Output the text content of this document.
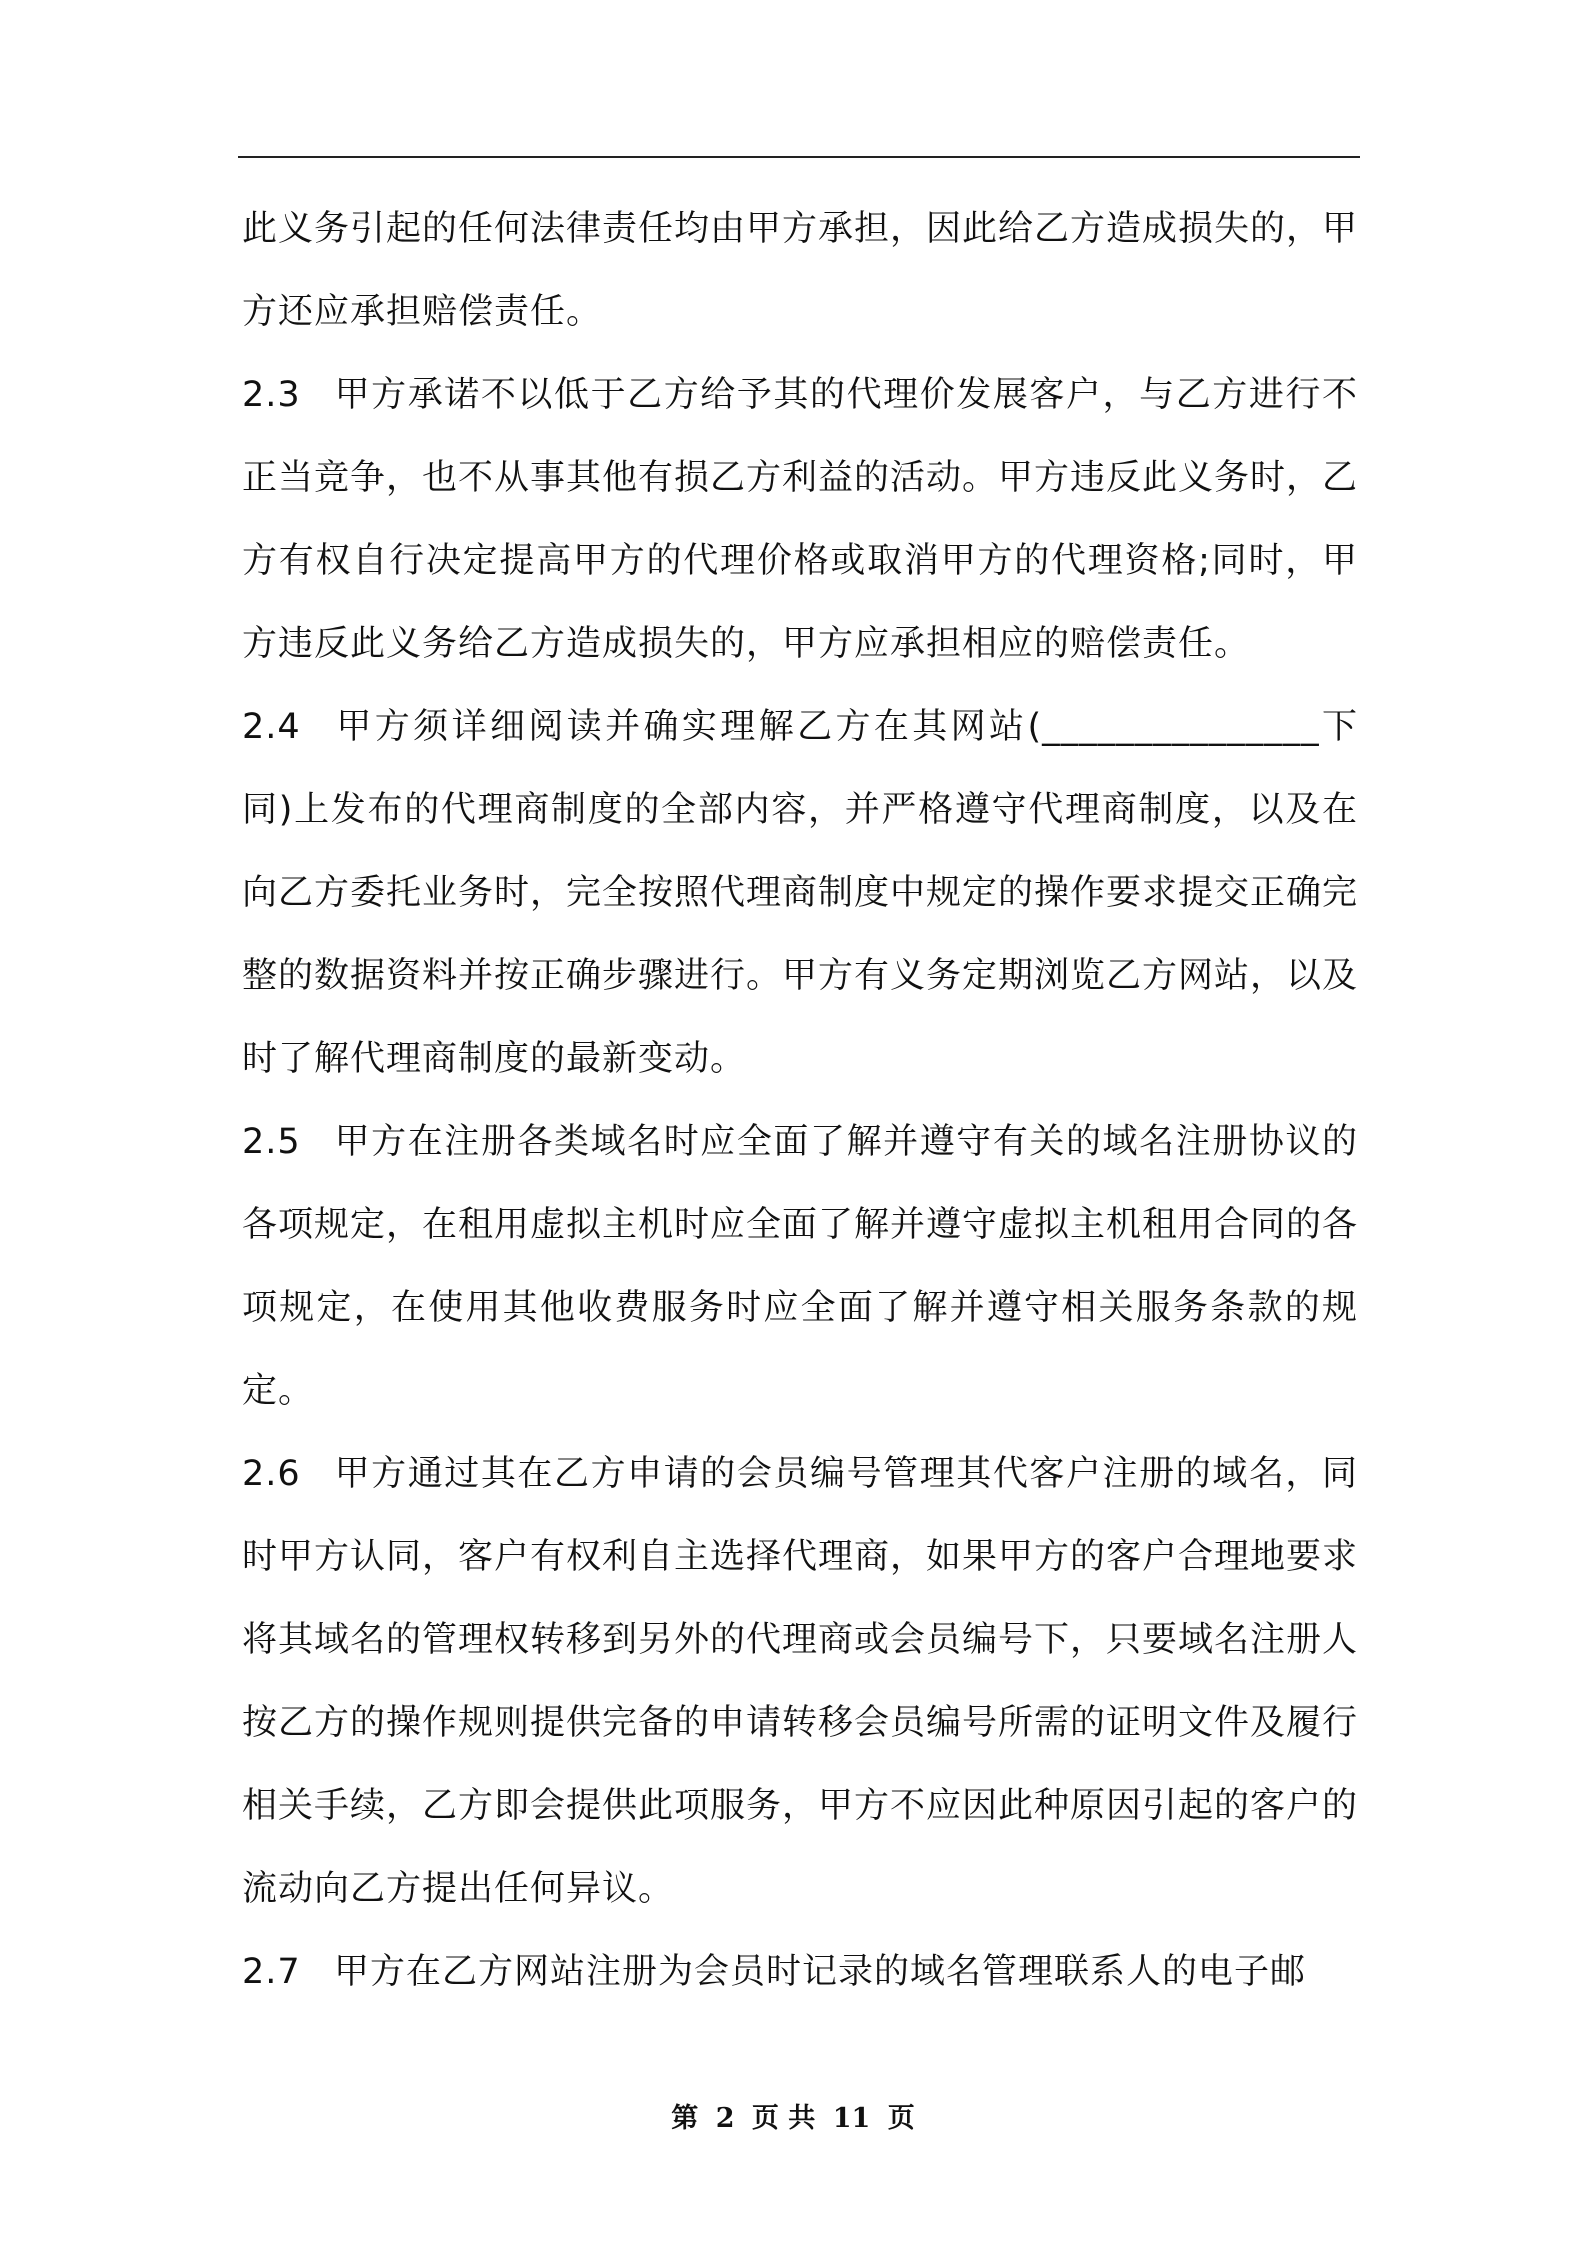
此义务引起的任何法律责任均由甲方承担，因此给乙方造成损失的，甲方还应承担赔偿责任。

2.3 甲方承诺不以低于乙方给予其的代理价发展客户，与乙方进行不正当竞争，也不从事其他有损乙方利益的活动。甲方违反此义务时，乙方有权自行决定提高甲方的代理价格或取消甲方的代理资格;同时，甲方违反此义务给乙方造成损失的，甲方应承担相应的赔偿责任。

2.4 甲方须详细阅读并确实理解乙方在其网站(_______________下同)上发布的代理商制度的全部内容，并严格遵守代理商制度，以及在向乙方委托业务时，完全按照代理商制度中规定的操作要求提交正确完整的数据资料并按正确步骤进行。甲方有义务定期浏览乙方网站，以及时了解代理商制度的最新变动。

2.5 甲方在注册各类域名时应全面了解并遵守有关的域名注册协议的各项规定，在租用虚拟主机时应全面了解并遵守虚拟主机租用合同的各项规定，在使用其他收费服务时应全面了解并遵守相关服务条款的规定。

2.6 甲方通过其在乙方申请的会员编号管理其代客户注册的域名，同时甲方认同，客户有权利自主选择代理商，如果甲方的客户合理地要求将其域名的管理权转移到另外的代理商或会员编号下，只要域名注册人按乙方的操作规则提供完备的申请转移会员编号所需的证明文件及履行相关手续，乙方即会提供此项服务，甲方不应因此种原因引起的客户的流动向乙方提出任何异议。

2.7 甲方在乙方网站注册为会员时记录的域名管理联系人的电子邮

第 2 页 共 11 页
